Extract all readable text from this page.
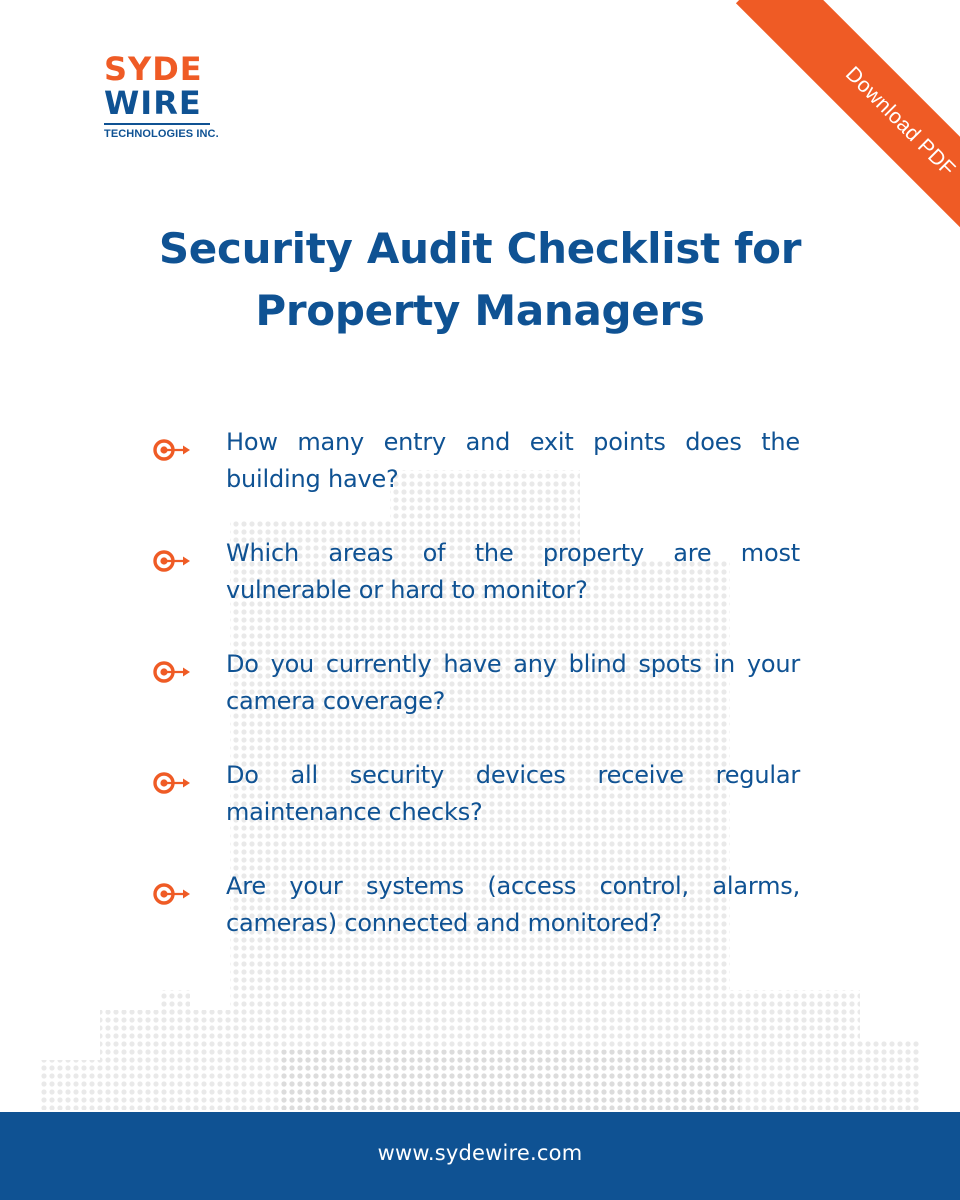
SYDE
WIRE
TECHNOLOGIES INC.	Download PDF
Security Audit Checklist for
Property Managers
How many entry and exit points does the building have?
Which areas of the property are most vulnerable or hard to monitor?
Do you currently have any blind spots in your camera coverage?
Do all security devices receive regular maintenance checks?
Are your systems (access control, alarms, cameras) connected and monitored?
www.sydewire.com
